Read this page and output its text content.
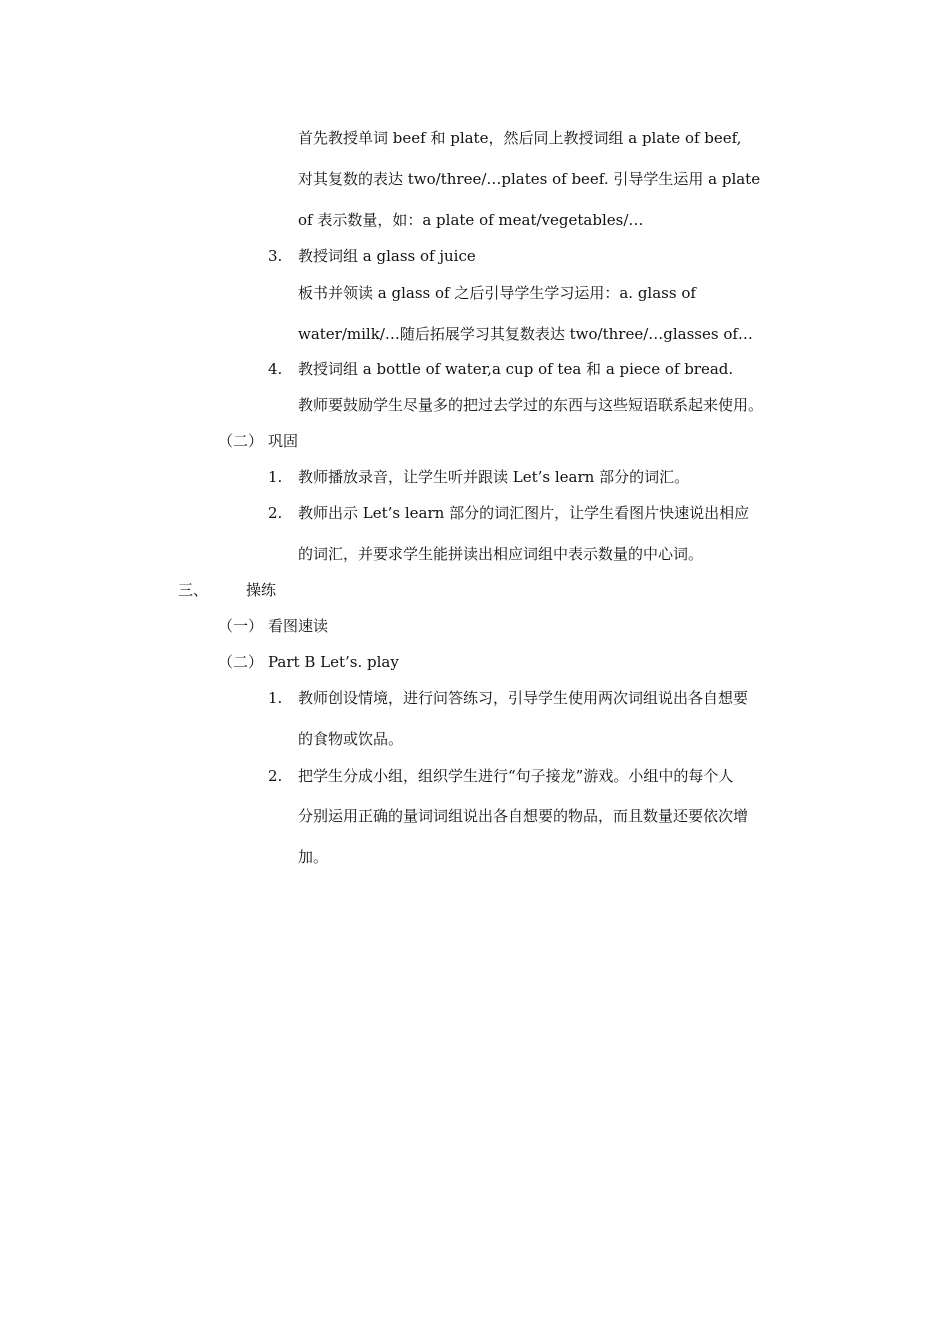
首先教授单词 beef 和 plate，然后同上教授词组 a plate of beef,
对其复数的表达 two/three/…plates of beef. 引导学生运用 a plate
of 表示数量，如：a plate of meat/vegetables/…
3. 教授词组 a glass of juice
板书并领读 a glass of 之后引导学生学习运用：a. glass of
water/milk/…随后拓展学习其复数表达 two/three/…glasses of…
4. 教授词组 a bottle of water,a cup of tea 和 a piece of bread.
教师要鼓励学生尽量多的把过去学过的东西与这些短语联系起来使用。
（二） 巩固
1. 教师播放录音，让学生听并跟读 Let’s learn 部分的词汇。
2. 教师出示 Let’s learn 部分的词汇图片，让学生看图片快速说出相应
的词汇，并要求学生能拼读出相应词组中表示数量的中心词。
三、	操练
（一） 看图速读
（二） Part B Let’s. play
1. 教师创设情境，进行问答练习，引导学生使用两次词组说出各自想要
的食物或饮品。
2. 把学生分成小组，组织学生进行“句子接龙”游戏。小组中的每个人
分别运用正确的量词词组说出各自想要的物品，而且数量还要依次增
加。
